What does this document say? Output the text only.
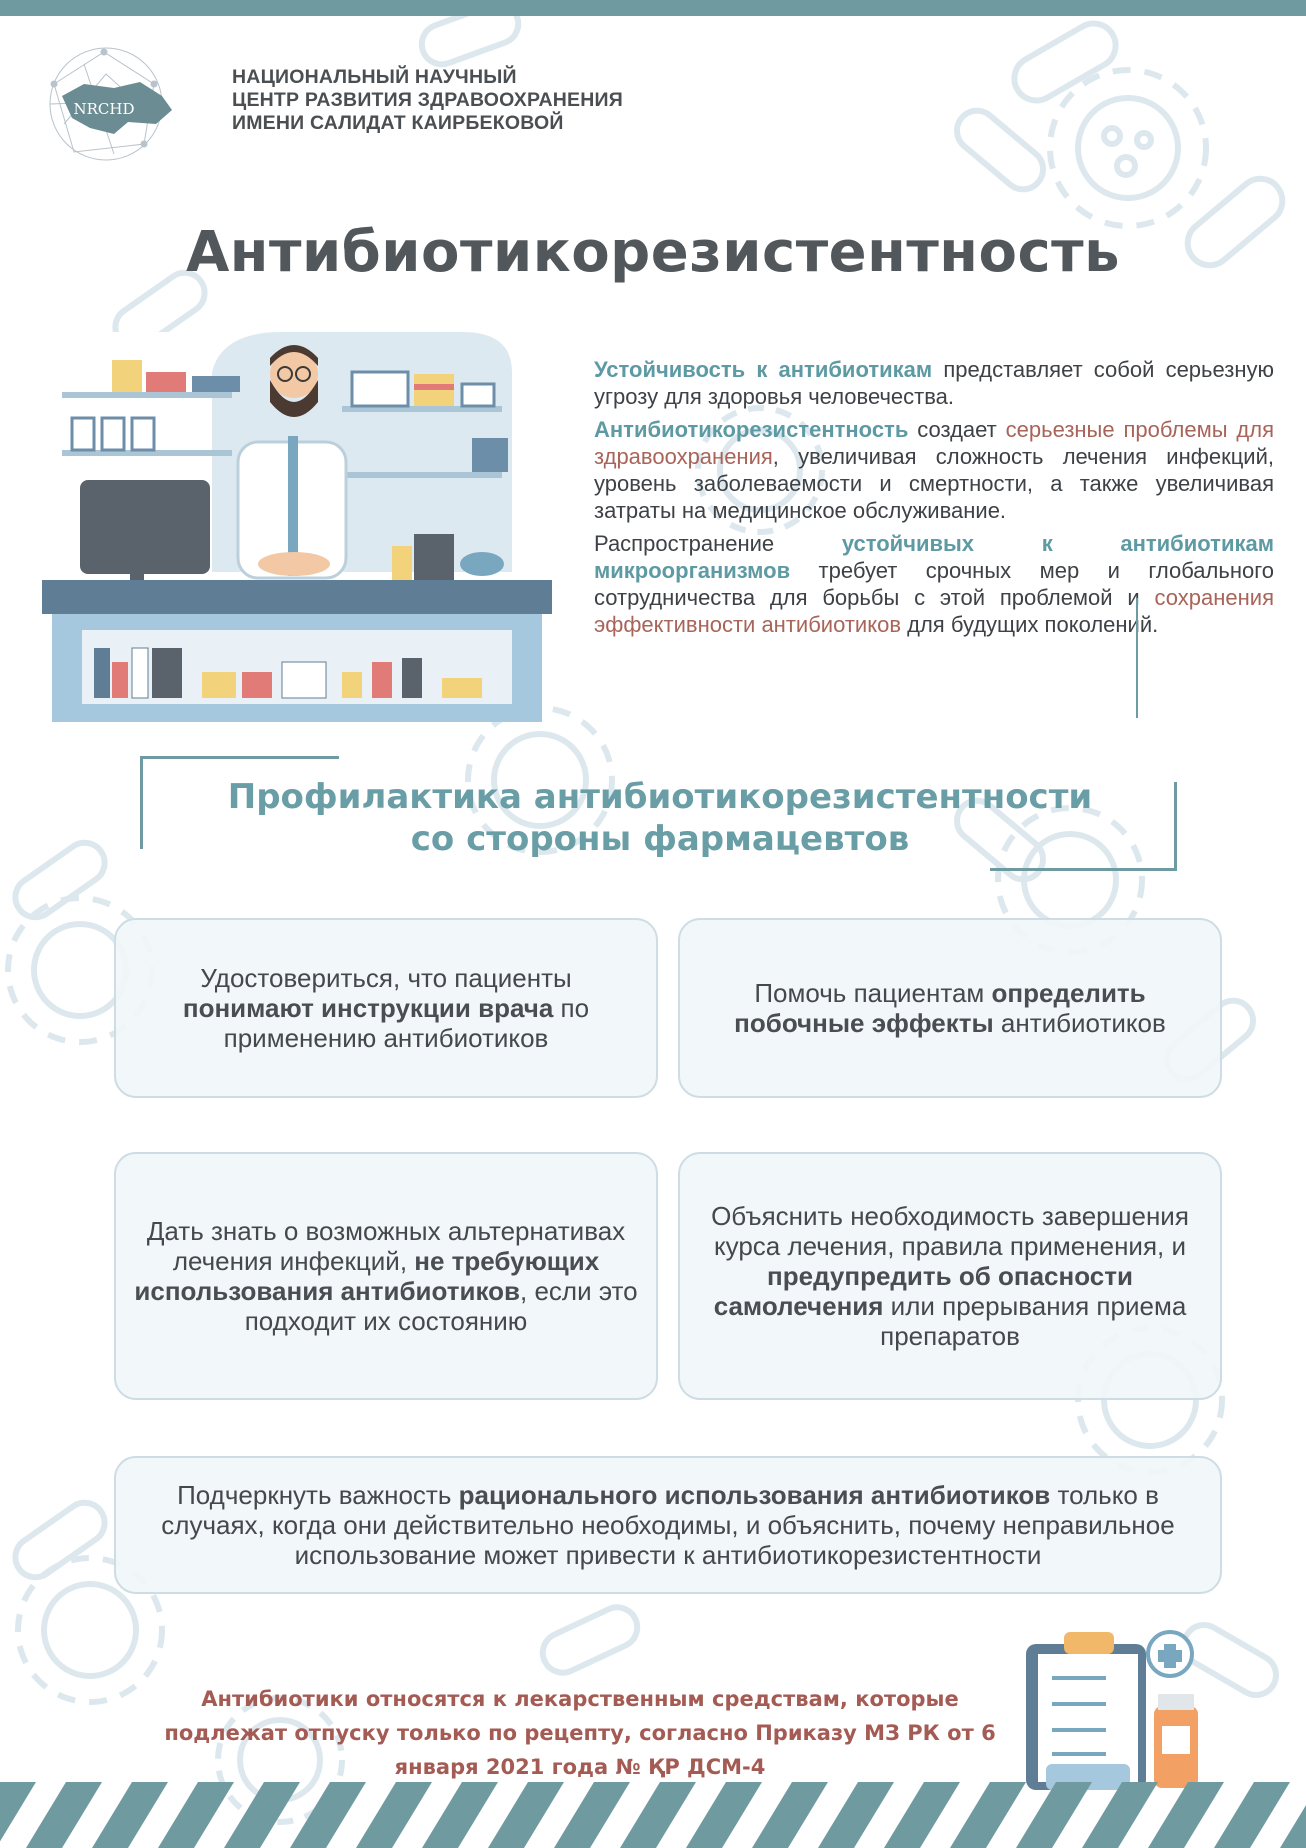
NRCHD
НАЦИОНАЛЬНЫЙ НАУЧНЫЙ
ЦЕНТР РАЗВИТИЯ ЗДРАВООХРАНЕНИЯ
ИМЕНИ САЛИДАТ КАИРБЕКОВОЙ
Антибиотикорезистентность

Устойчивость к антибиотикам представляет собой серьезную угрозу для здоровья человечества.

Антибиотикорезистентность создает серьезные проблемы для здравоохранения, увеличивая сложность лечения инфекций, уровень заболеваемости и смертности, а также увеличивая затраты на медицинское обслуживание.

Распространение устойчивых к антибиотикам микроорганизмов требует срочных мер и глобального сотрудничества для борьбы с этой проблемой и сохранения эффективности антибиотиков для будущих поколений.

Профилактика антибиотикорезистентности
со стороны фармацевтов
Удостовериться, что пациенты понимают инструкции врача по применению антибиотиков
Помочь пациентам определить побочные эффекты антибиотиков
Дать знать о возможных альтернативах лечения инфекций, не требующих использования антибиотиков, если это подходит их состоянию
Объяснить необходимость завершения курса лечения, правила применения, и предупредить об опасности самолечения или прерывания приема препаратов
Подчеркнуть важность рационального использования антибиотиков только в случаях, когда они действительно необходимы, и объяснить, почему неправильное использование может привести к антибиотикорезистентности
Антибиотики относятся к лекарственным средствам, которые
подлежат отпуску только по рецепту, согласно Приказу МЗ РК от 6
января 2021 года № ҚР ДСМ-4
